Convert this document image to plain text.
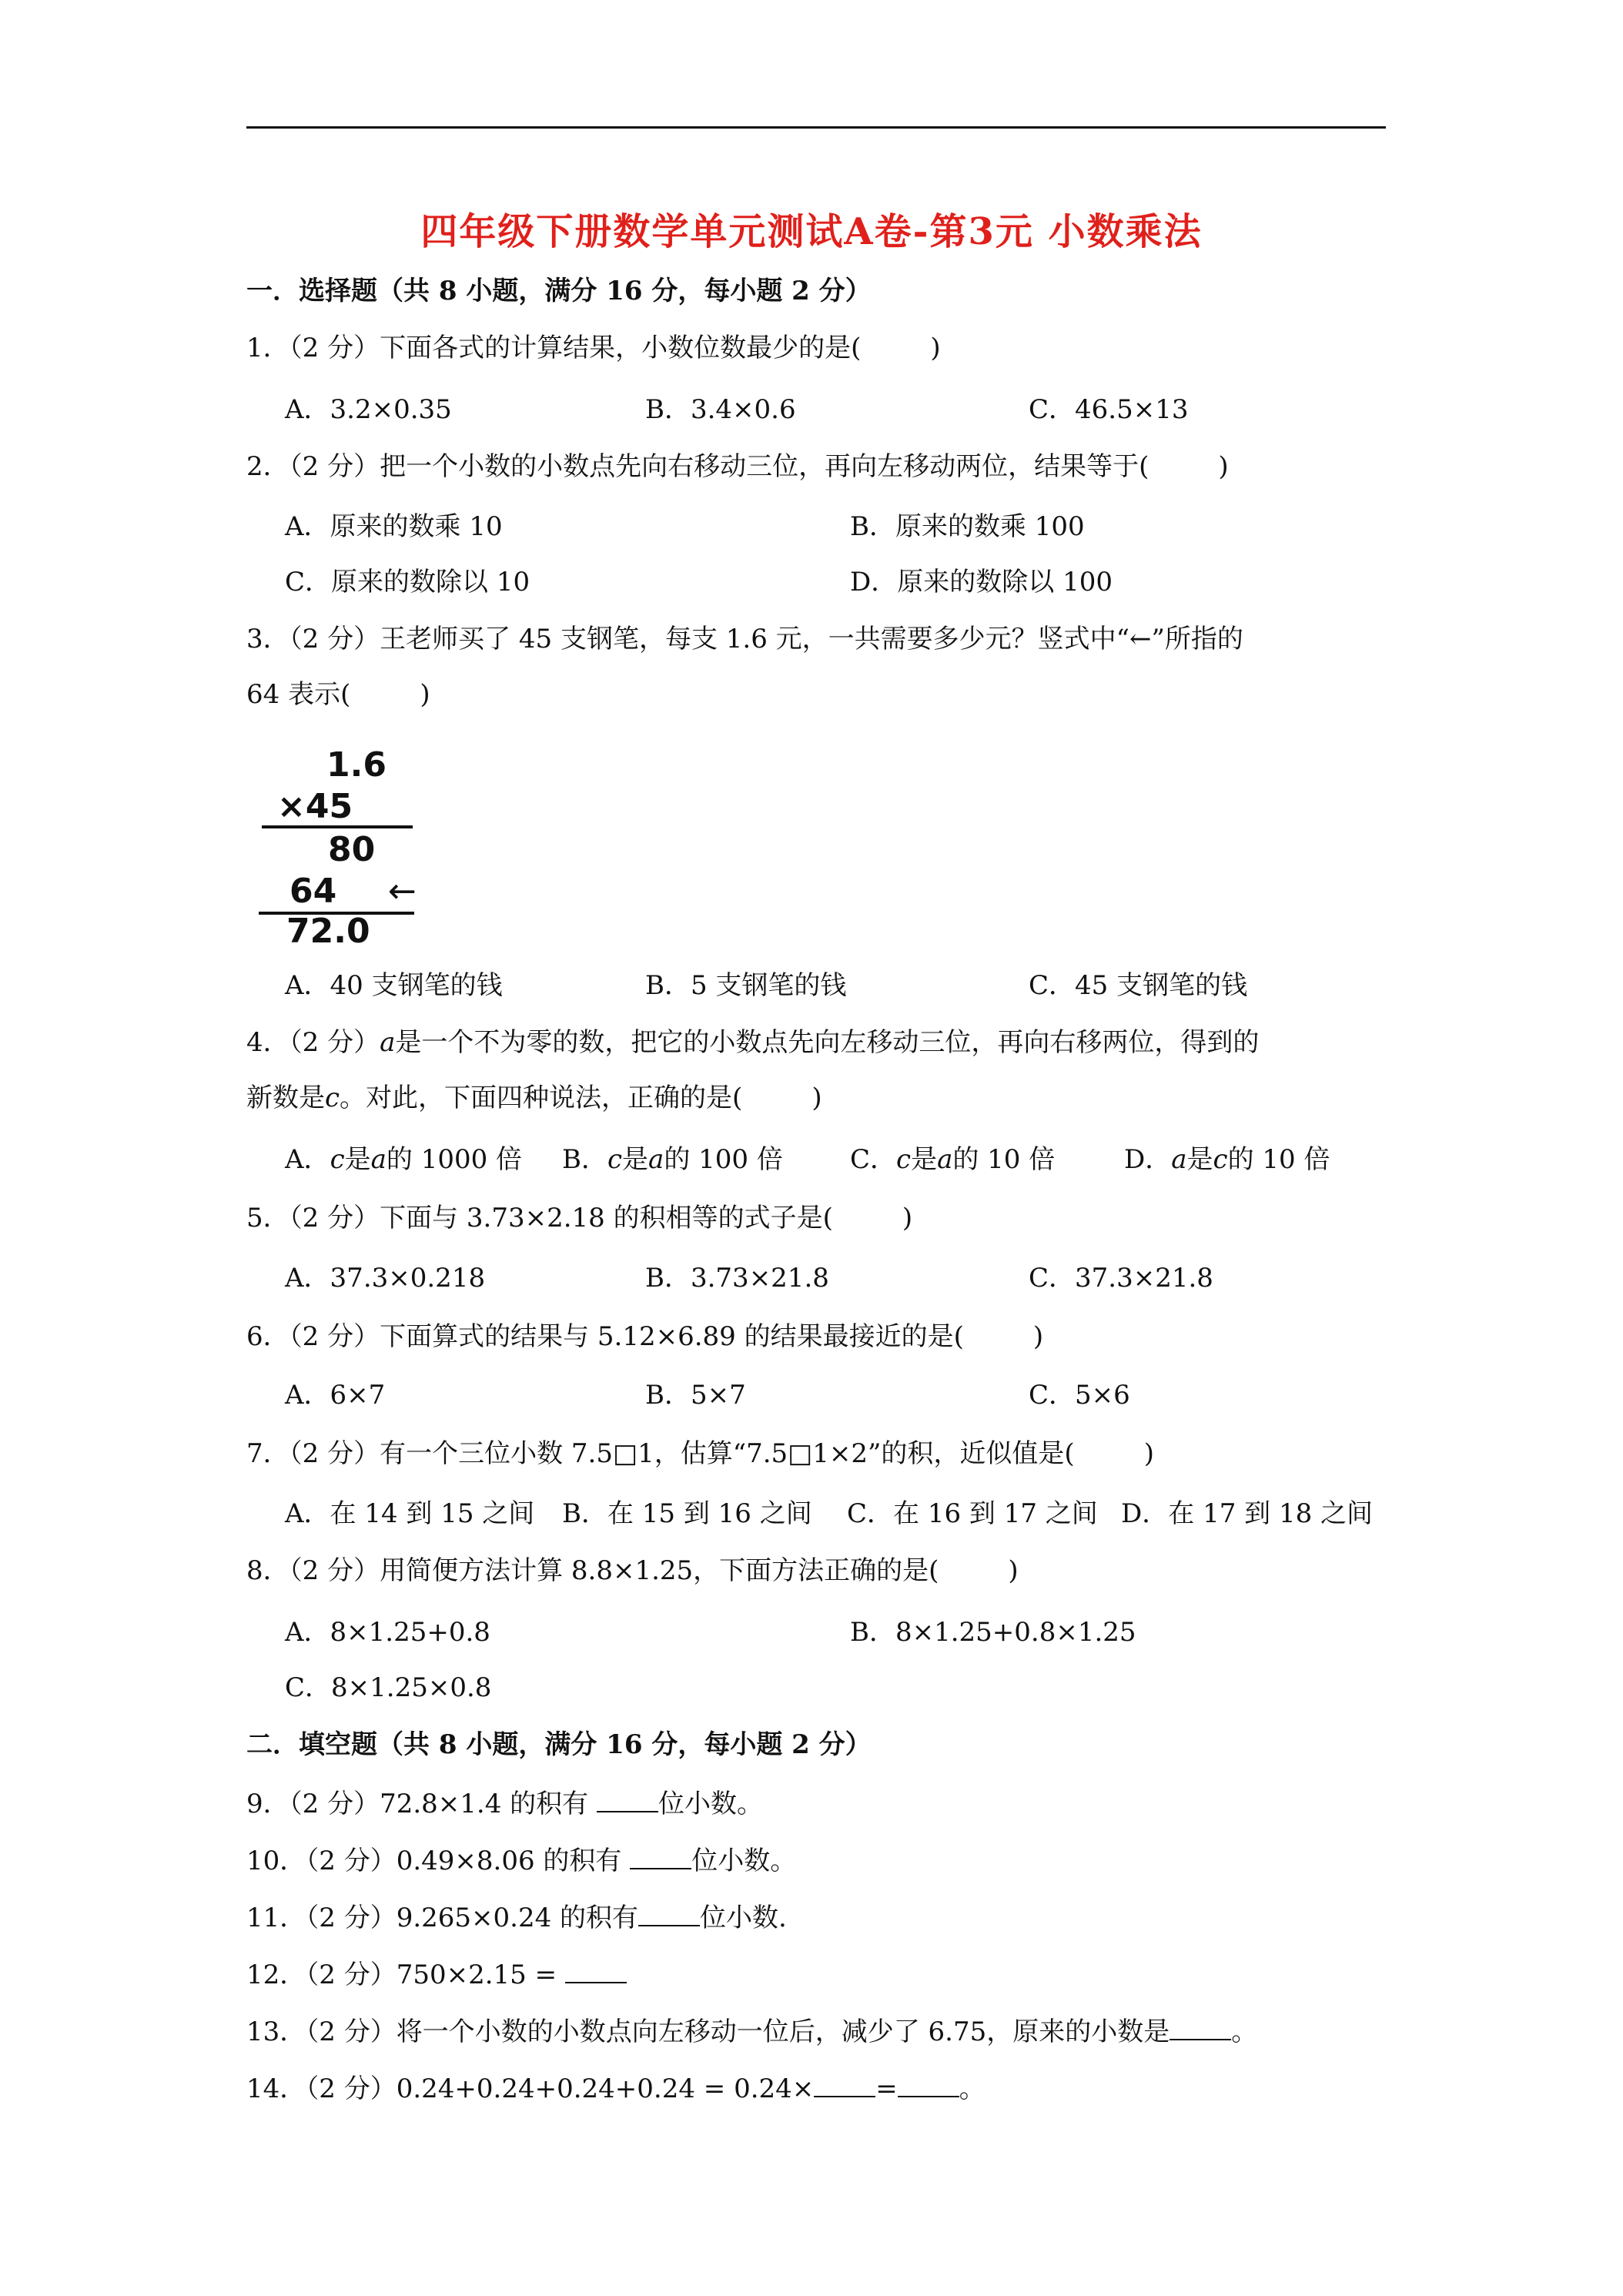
四年级下册数学单元测试A卷-第3元 小数乘法
一．选择题（共 8 小题，满分 16 分，每小题 2 分）
1．（2 分）下面各式的计算结果，小数位数最少的是(	)
A．3.2×0.35	B．3.4×0.6	C．46.5×13
2．（2 分）把一个小数的小数点先向右移动三位，再向左移动两位，结果等于(	)
A．原来的数乘 10	B．原来的数乘 100
C．原来的数除以 10	D．原来的数除以 100
3．（2 分）王老师买了 45 支钢笔，每支 1.6 元，一共需要多少元？竖式中“←”所指的
64 表示(	)
1.6
×45
80
64 ←
72.0
A．40 支钢笔的钱	B．5 支钢笔的钱	C．45 支钢笔的钱
4．（2 分）a是一个不为零的数，把它的小数点先向左移动三位，再向右移两位，得到的
新数是c。对此，下面四种说法，正确的是(	)
A．c是a的 1000 倍 B．c是a的 100 倍	C．c是a的 10 倍	D．a是c的 10 倍
5．（2 分）下面与 3.73×2.18 的积相等的式子是(	)
A．37.3×0.218	B．3.73×21.8	C．37.3×21.8
6．（2 分）下面算式的结果与 5.12×6.89 的结果最接近的是(	)
A．6×7	B．5×7	C．5×6
7．（2 分）有一个三位小数 7.5□1，估算“7.5□1×2”的积，近似值是(	)
A．在 14 到 15 之间 B．在 15 到 16 之间 C．在 16 到 17 之间 D．在 17 到 18 之间
8．（2 分）用简便方法计算 8.8×1.25，下面方法正确的是(	)
A．8×1.25+0.8	B．8×1.25+0.8×1.25
C．8×1.25×0.8
二．填空题（共 8 小题，满分 16 分，每小题 2 分）
9．（2 分）72.8×1.4 的积有	位小数。
10．（2 分）0.49×8.06 的积有	位小数。
11．（2 分）9.265×0.24 的积有 位小数.
12．（2 分）750×2.15 =
13．（2 分）将一个小数的小数点向左移动一位后，减少了 6.75，原来的小数是 。
14．（2 分）0.24+0.24+0.24+0.24 = 0.24× = 。
